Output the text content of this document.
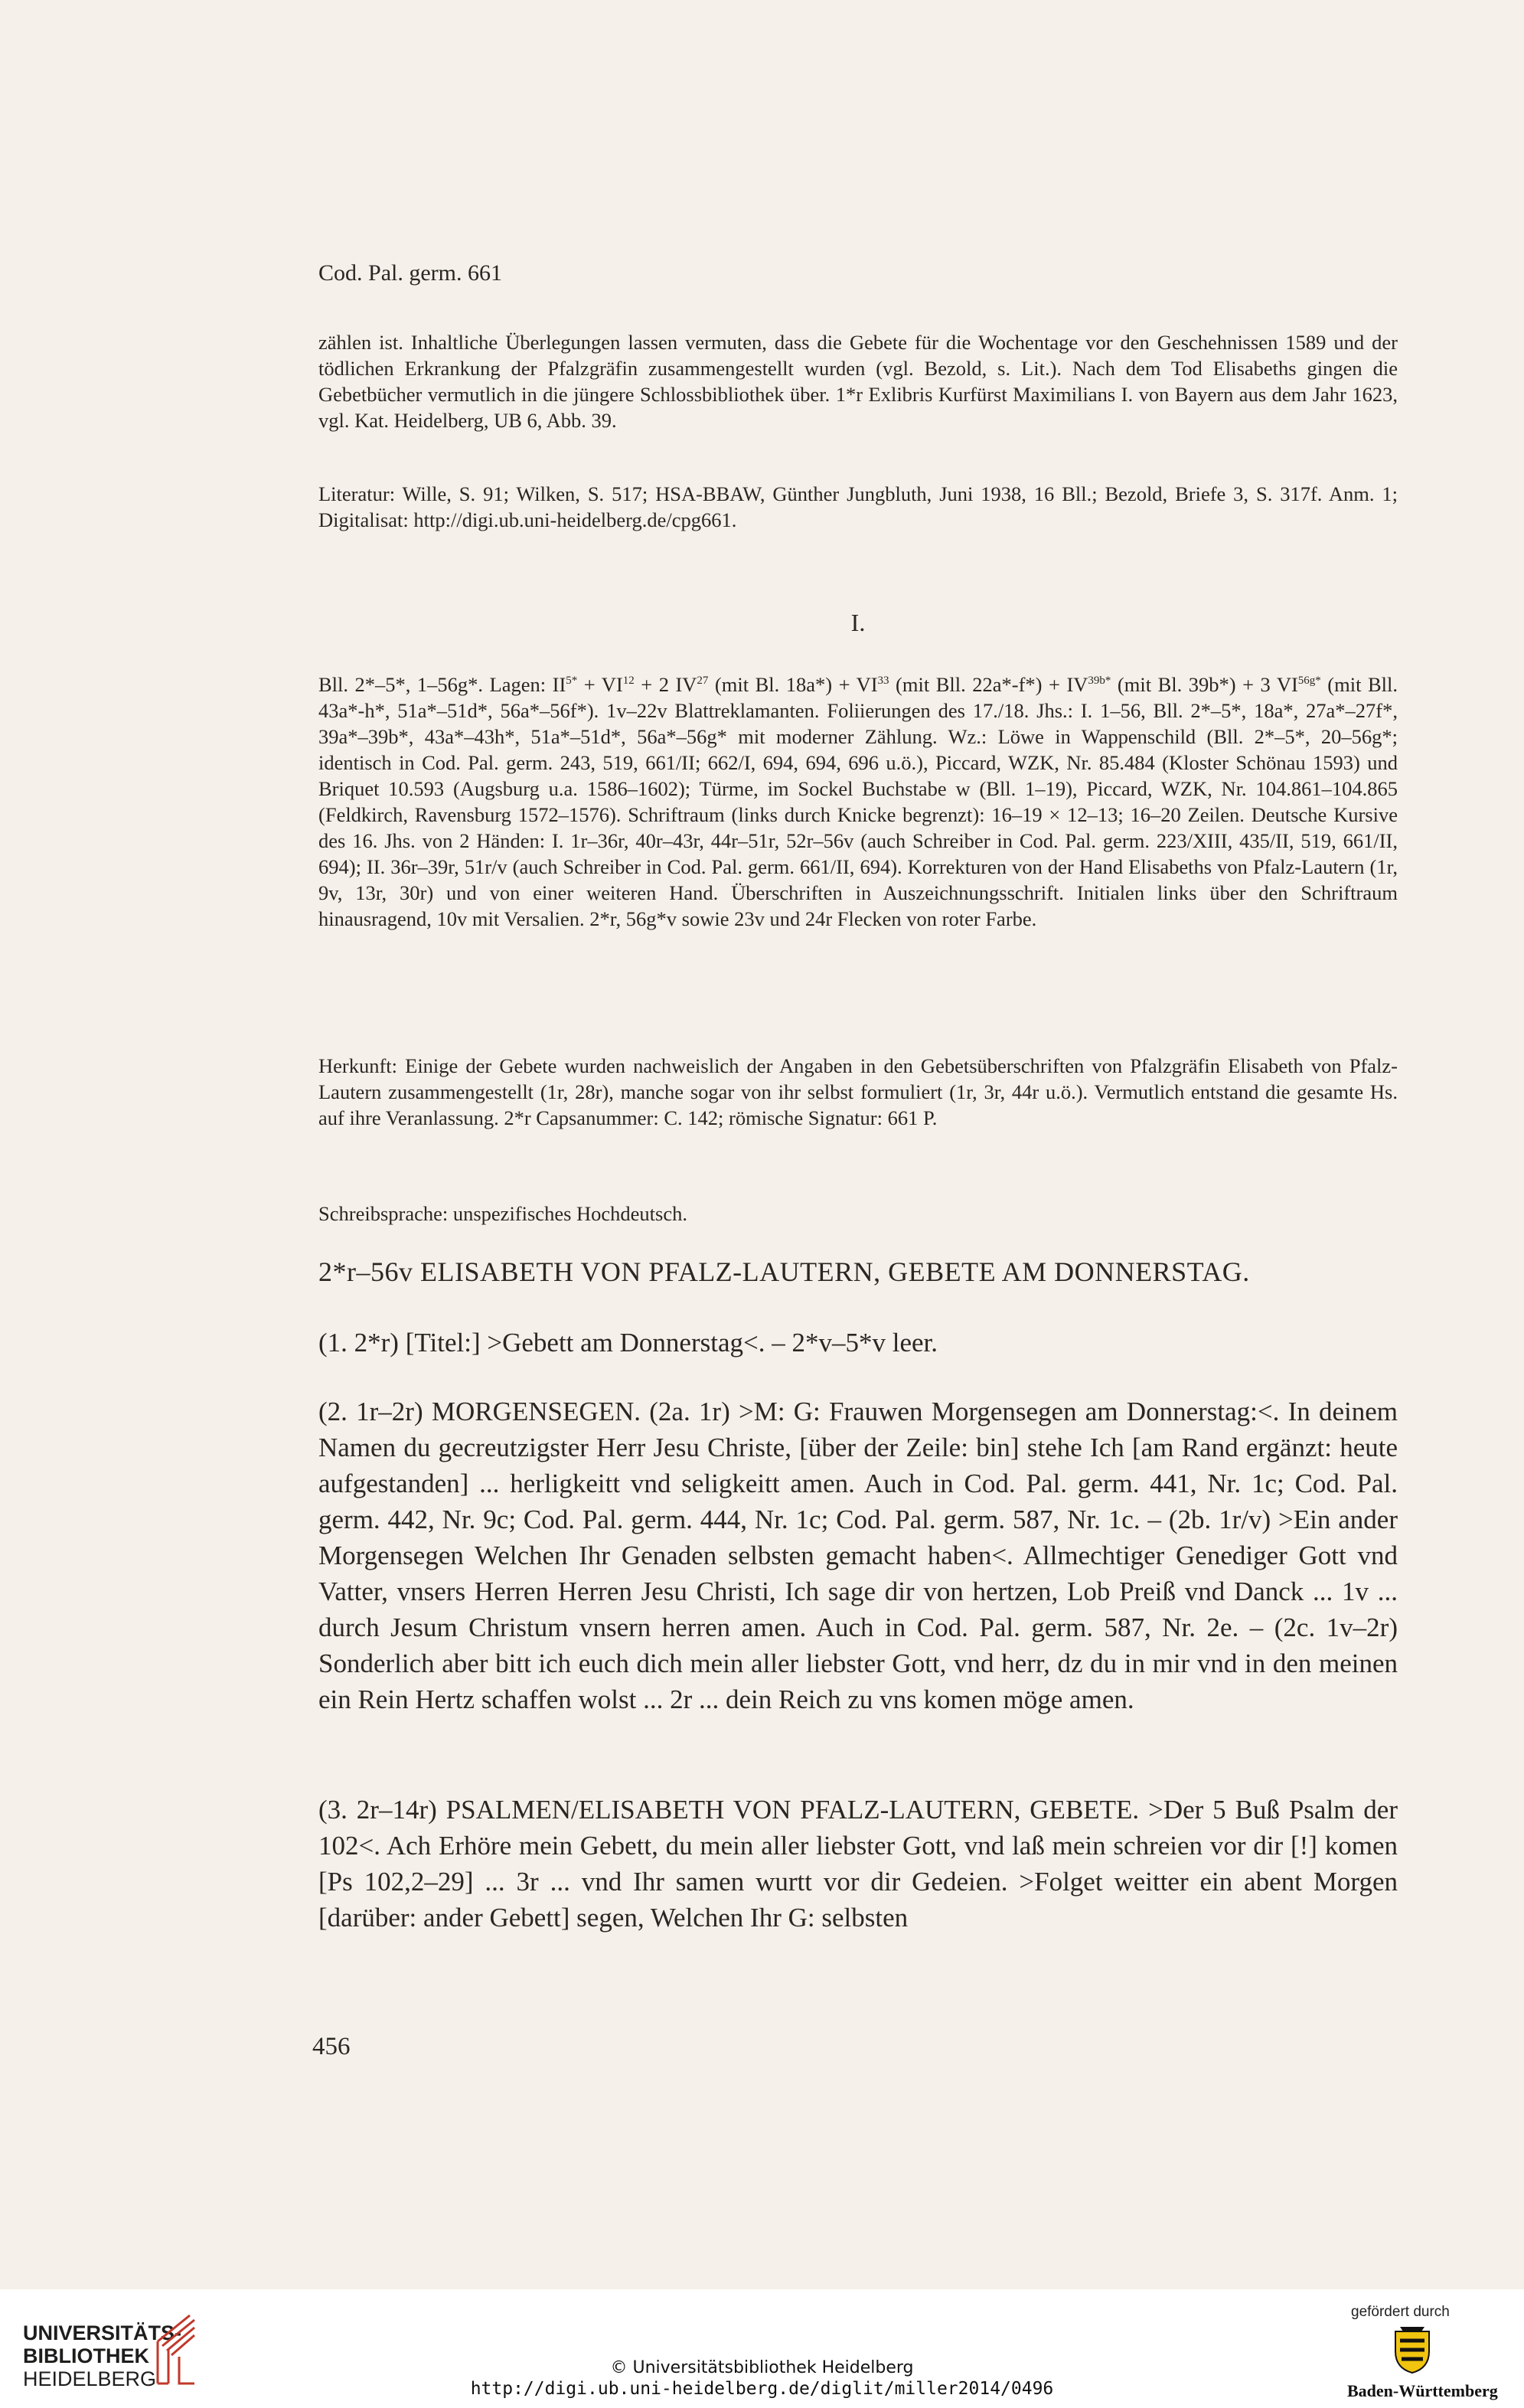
Cod. Pal. germ. 661
zählen ist. Inhaltliche Überlegungen lassen vermuten, dass die Gebete für die Wochentage vor den Geschehnissen 1589 und der tödlichen Erkrankung der Pfalzgräfin zusammengestellt wurden (vgl. Bezold, s. Lit.). Nach dem Tod Elisabeths gingen die Gebetbücher vermutlich in die jüngere Schlossbibliothek über. 1*r Exlibris Kurfürst Maximilians I. von Bayern aus dem Jahr 1623, vgl. Kat. Heidelberg, UB 6, Abb. 39.
Literatur: Wille, S. 91; Wilken, S. 517; HSA-BBAW, Günther Jungbluth, Juni 1938, 16 Bll.; Bezold, Briefe 3, S. 317f. Anm. 1; Digitalisat: http://digi.ub.uni-heidelberg.de/cpg661.
I.
Bll. 2*–5*, 1–56g*. Lagen: $II^{5*} + VI^{12} + 2$ IV$^{27}$ (mit Bl. $18a*) + VI^{33}$ (mit Bll. $22a*-f*) + IV^{39b*}$ (mit Bl. 39b*) + 3 $VI^{56g*}$ (mit Bll. 43a*-h*, 51a*–51d*, 56a*–56f*). 1v–22v Blattreklamanten. Foliierungen des 17./18. Jhs.: I. 1–56, Bll. 2*–5*, 18a*, 27a*–27f*, 39a*–39b*, 43a*–43h*, 51a*–51d*, 56a*–56g* mit moderner Zählung. Wz.: Löwe in Wappenschild (Bll. 2*–5*, 20–56g*; identisch in Cod. Pal. germ. 243, 519, 661/II; 662/I, 694, 694, 696 u.ö.), Piccard, WZK, Nr. 85.484 (Kloster Schönau 1593) und Briquet 10.593 (Augsburg u.a. 1586–1602); Türme, im Sockel Buchstabe w (Bll. 1–19), Piccard, WZK, Nr. 104.861–104.865 (Feldkirch, Ravensburg 1572–1576). Schriftraum (links durch Knicke begrenzt): 16–19 × 12–13; 16–20 Zeilen. Deutsche Kursive des 16. Jhs. von 2 Händen: I. 1r–36r, 40r–43r, 44r–51r, 52r–56v (auch Schreiber in Cod. Pal. germ. 223/XIII, 435/II, 519, 661/II, 694); II. 36r–39r, 51r/v (auch Schreiber in Cod. Pal. germ. 661/II, 694). Korrekturen von der Hand Elisabeths von Pfalz-Lautern (1r, 9v, 13r, 30r) und von einer weiteren Hand. Überschriften in Auszeichnungsschrift. Initialen links über den Schriftraum hinausragend, 10v mit Versalien. 2*r, 56g*v sowie 23v und 24r Flecken von roter Farbe.
Herkunft: Einige der Gebete wurden nachweislich der Angaben in den Gebetsüberschriften von Pfalzgräfin Elisabeth von Pfalz-Lautern zusammengestellt (1r, 28r), manche sogar von ihr selbst formuliert (1r, 3r, 44r u.ö.). Vermutlich entstand die gesamte Hs. auf ihre Veranlassung. 2*r Capsanummer: C. 142; römische Signatur: 661 P.
Schreibsprache: unspezifisches Hochdeutsch.
2*r–56v ELISABETH VON PFALZ-LAUTERN, GEBETE AM DONNERSTAG.
(1. 2*r) [Titel:] >Gebett am Donnerstag<. – 2*v–5*v leer.
(2. 1r–2r) MORGENSEGEN. (2a. 1r) >M: G: Frauwen Morgensegen am Donnerstag:<. In deinem Namen du gecreutzigster Herr Jesu Christe, [über der Zeile: bin] stehe Ich [am Rand ergänzt: heute aufgestanden] ... herligkeitt vnd seligkeitt amen. Auch in Cod. Pal. germ. 441, Nr. 1c; Cod. Pal. germ. 442, Nr. 9c; Cod. Pal. germ. 444, Nr. 1c; Cod. Pal. germ. 587, Nr. 1c. – (2b. 1r/v) >Ein ander Morgensegen Welchen Ihr Genaden selbsten gemacht haben<. Allmechtiger Genediger Gott vnd Vatter, vnsers Herren Herren Jesu Christi, Ich sage dir von hertzen, Lob Preiß vnd Danck ... 1v ... durch Jesum Christum vnsern herren amen. Auch in Cod. Pal. germ. 587, Nr. 2e. – (2c. 1v–2r) Sonderlich aber bitt ich euch dich mein aller liebster Gott, vnd herr, dz du in mir vnd in den meinen ein Rein Hertz schaffen wolst ... 2r ... dein Reich zu vns komen möge amen.
(3. 2r–14r) PSALMEN/ELISABETH VON PFALZ-LAUTERN, GEBETE. >Der 5 Buß Psalm der 102<. Ach Erhöre mein Gebett, du mein aller liebster Gott, vnd laß mein schreien vor dir [!] komen [Ps 102,2–29] ... 3r ... vnd Ihr samen wurtt vor dir Gedeien. >Folget weitter ein abent Morgen [darüber: ander Gebett] segen, Welchen Ihr G: selbsten
456
UNIVERSITÄTS-
BIBLIOTHEK
HEIDELBERG	© Universitätsbibliothek Heidelberg
http://digi.ub.uni-heidelberg.de/diglit/miller2014/0496
gefördert durch
Baden-Württemberg
